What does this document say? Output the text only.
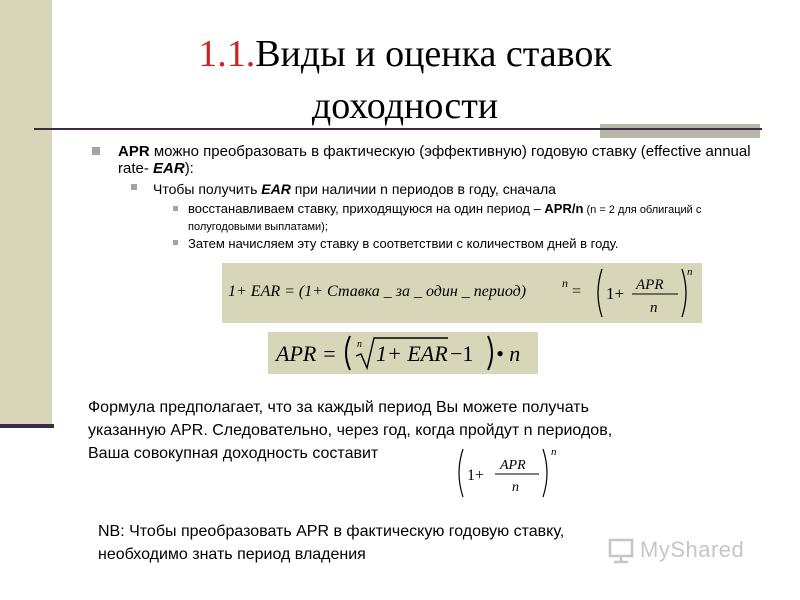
1.1.Виды и оценка ставок
доходности
APR можно преобразовать в фактическую (эффективную) годовую ставку (effective annual rate- EAR):
Чтобы получить EAR при наличии n периодов в году, сначала
восстанавливаем ставку, приходящуюся на один период – APR/n (n = 2 для облигаций с полугодовыми выплатами);
Затем начисляем эту ставку в соответствии с количеством дней в году.
1+ EAR = (1+ Ставка _ за _ один _ период)	n = 1+ APR
n
n
APR = n 1+ EAR −1 • n
Формула предполагает, что за каждый период Вы можете получать
указанную APR. Следовательно, через год, когда пройдут n периодов,
Ваша совокупная доходность составит
1+
APR
n
n
NB: Чтобы преобразовать APR в фактическую годовую ставку,
необходимо знать период владения	MyShared
